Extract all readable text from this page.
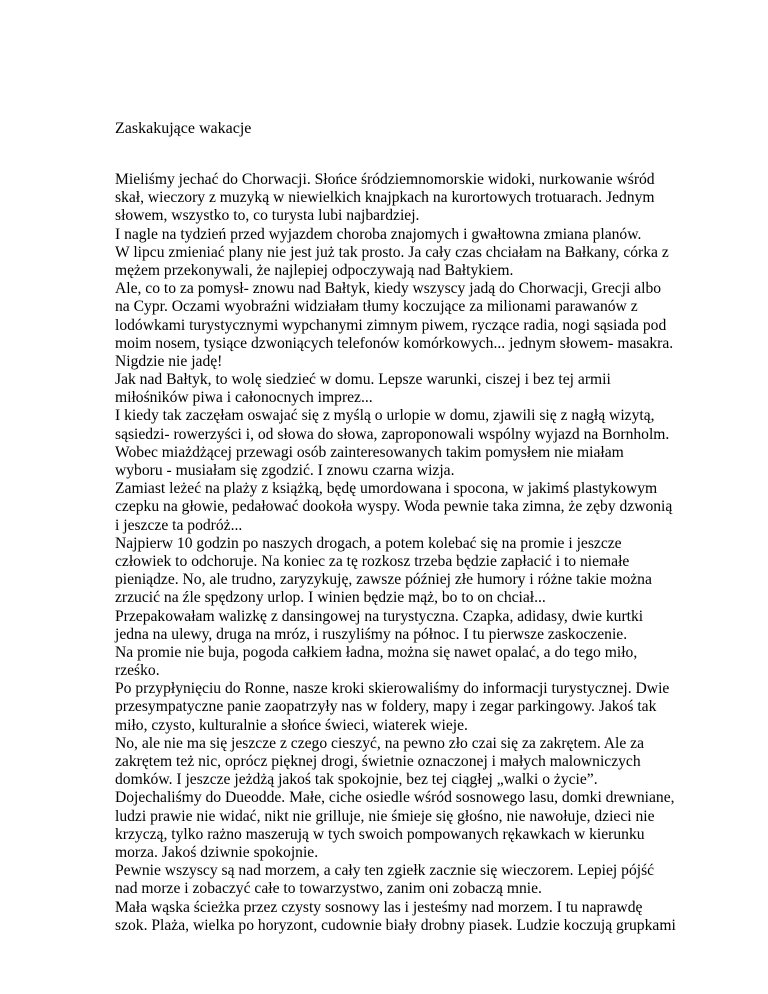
Zaskakujące wakacje
Mieliśmy jechać do Chorwacji. Słońce śródziemnomorskie widoki, nurkowanie wśród
skał, wieczory z muzyką w niewielkich knajpkach na kurortowych trotuarach. Jednym
słowem, wszystko to, co turysta lubi najbardziej.
I nagle na tydzień przed wyjazdem choroba znajomych i gwałtowna zmiana planów.
W lipcu zmieniać plany nie jest już tak prosto. Ja cały czas chciałam na Bałkany, córka z
mężem przekonywali, że najlepiej odpoczywają nad Bałtykiem.
Ale, co to za pomysł- znowu nad Bałtyk, kiedy wszyscy jadą do Chorwacji, Grecji albo
na Cypr. Oczami wyobraźni widziałam tłumy koczujące za milionami parawanów z
lodówkami turystycznymi wypchanymi zimnym piwem, ryczące radia, nogi sąsiada pod
moim nosem, tysiące dzwoniących telefonów komórkowych... jednym słowem- masakra.
Nigdzie nie jadę!
Jak nad Bałtyk, to wolę siedzieć w domu. Lepsze warunki, ciszej i bez tej armii
miłośników piwa i całonocnych imprez...
I kiedy tak zaczęłam oswajać się z myślą o urlopie w domu, zjawili się z nagłą wizytą,
sąsiedzi- rowerzyści i, od słowa do słowa, zaproponowali wspólny wyjazd na Bornholm.
Wobec miażdżącej przewagi osób zainteresowanych takim pomysłem nie miałam
wyboru - musiałam się zgodzić. I znowu czarna wizja.
Zamiast leżeć na plaży z książką, będę umordowana i spocona, w jakimś plastykowym
czepku na głowie, pedałować dookoła wyspy. Woda pewnie taka zimna, że zęby dzwonią
i jeszcze ta podróż...
Najpierw 10 godzin po naszych drogach, a potem kolebać się na promie i jeszcze
człowiek to odchoruje. Na koniec za tę rozkosz trzeba będzie zapłacić i to niemałe
pieniądze. No, ale trudno, zaryzykuję, zawsze później złe humory i różne takie można
zrzucić na źle spędzony urlop. I winien będzie mąż, bo to on chciał...
Przepakowałam walizkę z dansingowej na turystyczna. Czapka, adidasy, dwie kurtki
jedna na ulewy, druga na mróz, i ruszyliśmy na północ. I tu pierwsze zaskoczenie.
Na promie nie buja, pogoda całkiem ładna, można się nawet opalać, a do tego miło,
rześko.
Po przypłynięciu do Ronne, nasze kroki skierowaliśmy do informacji turystycznej. Dwie
przesympatyczne panie zaopatrzyły nas w foldery, mapy i zegar parkingowy. Jakoś tak
miło, czysto, kulturalnie a słońce świeci, wiaterek wieje.
No, ale nie ma się jeszcze z czego cieszyć, na pewno zło czai się za zakrętem. Ale za
zakrętem też nic, oprócz pięknej drogi, świetnie oznaczonej i małych malowniczych
domków. I jeszcze jeżdżą jakoś tak spokojnie, bez tej ciągłej „walki o życie”.
Dojechaliśmy do Dueodde. Małe, ciche osiedle wśród sosnowego lasu, domki drewniane,
ludzi prawie nie widać, nikt nie grilluje, nie śmieje się głośno, nie nawołuje, dzieci nie
krzyczą, tylko rażno maszerują w tych swoich pompowanych rękawkach w kierunku
morza. Jakoś dziwnie spokojnie.
Pewnie wszyscy są nad morzem, a cały ten zgiełk zacznie się wieczorem. Lepiej pójść
nad morze i zobaczyć całe to towarzystwo, zanim oni zobaczą mnie.
Mała wąska ścieżka przez czysty sosnowy las i jesteśmy nad morzem. I tu naprawdę
szok. Plaża, wielka po horyzont, cudownie biały drobny piasek. Ludzie koczują grupkami
